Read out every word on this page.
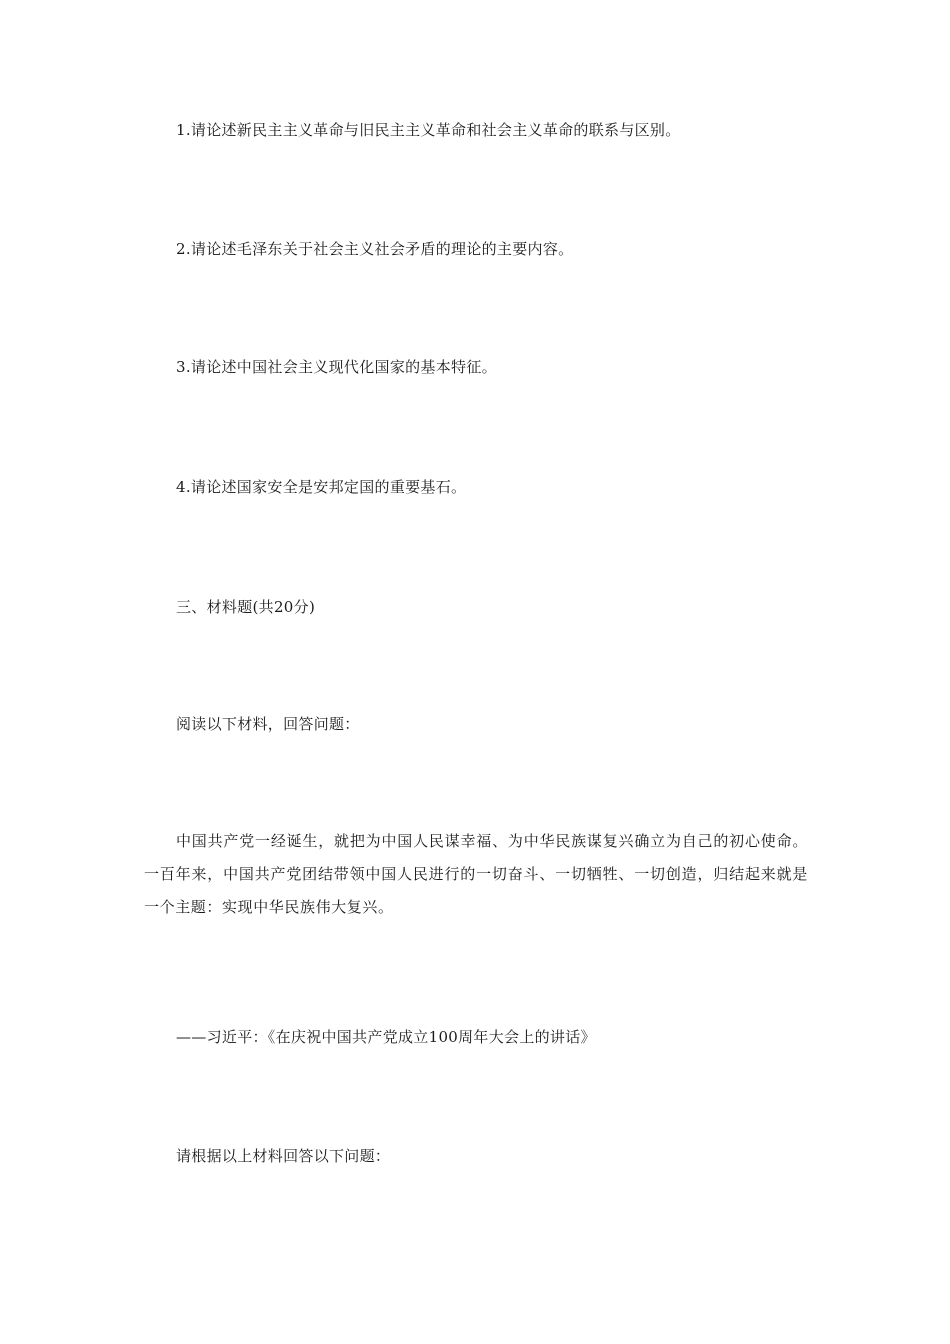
1.请论述新民主主义革命与旧民主主义革命和社会主义革命的联系与区别。
2.请论述毛泽东关于社会主义社会矛盾的理论的主要内容。
3.请论述中国社会主义现代化国家的基本特征。
4.请论述国家安全是安邦定国的重要基石。
三、材料题(共20分)
阅读以下材料，回答问题：
中国共产党一经诞生，就把为中国人民谋幸福、为中华民族谋复兴确立为自己的初心使命。一百年来，中国共产党团结带领中国人民进行的一切奋斗、一切牺牲、一切创造，归结起来就是一个主题：实现中华民族伟大复兴。
——习近平：《在庆祝中国共产党成立100周年大会上的讲话》
请根据以上材料回答以下问题：
